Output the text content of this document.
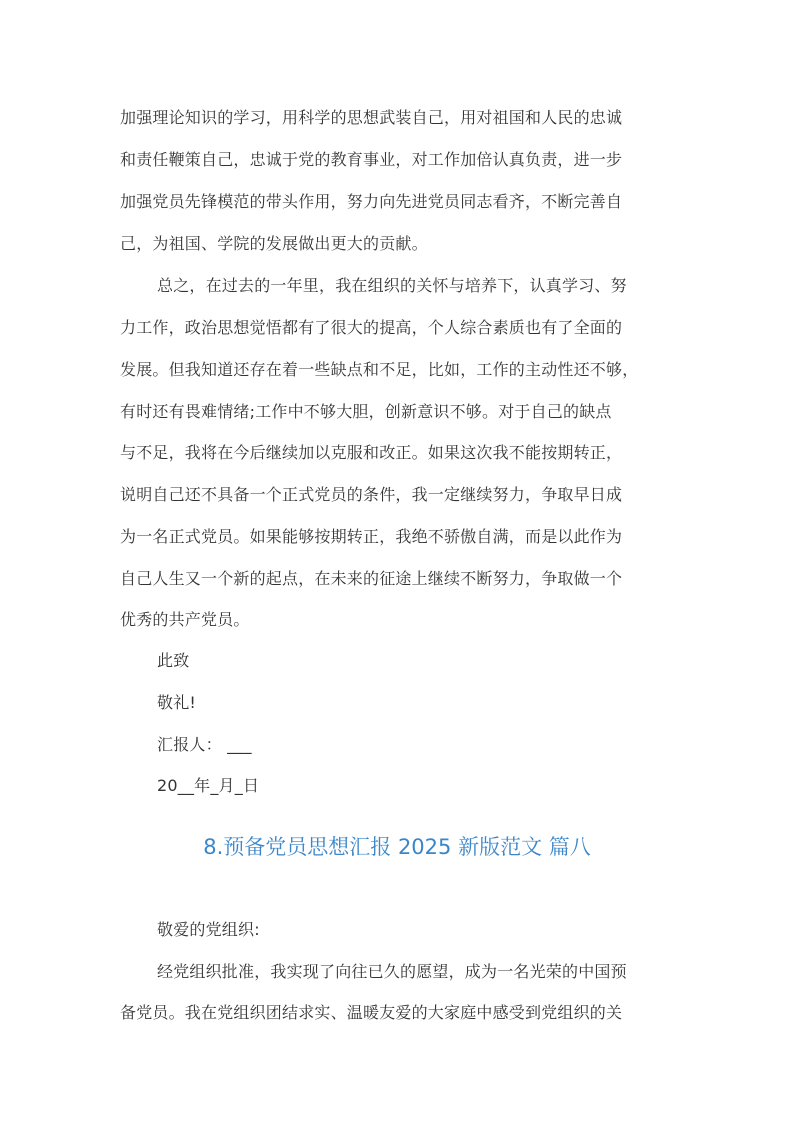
加强理论知识的学习，用科学的思想武装自己，用对祖国和人民的忠诚
和责任鞭策自己，忠诚于党的教育事业，对工作加倍认真负责，进一步
加强党员先锋模范的带头作用，努力向先进党员同志看齐，不断完善自
己，为祖国、学院的发展做出更大的贡献。
总之，在过去的一年里，我在组织的关怀与培养下，认真学习、努
力工作，政治思想觉悟都有了很大的提高，个人综合素质也有了全面的
发展。但我知道还存在着一些缺点和不足，比如，工作的主动性还不够，
有时还有畏难情绪;工作中不够大胆，创新意识不够。对于自己的缺点
与不足，我将在今后继续加以克服和改正。如果这次我不能按期转正，
说明自己还不具备一个正式党员的条件，我一定继续努力，争取早日成
为一名正式党员。如果能够按期转正，我绝不骄傲自满，而是以此作为
自己人生又一个新的起点，在未来的征途上继续不断努力，争取做一个
优秀的共产党员。
此致
敬礼!
汇报人： ___
20__年_月_日
8.预备党员思想汇报 2025 新版范文 篇八
敬爱的党组织:
经党组织批准，我实现了向往已久的愿望，成为一名光荣的中国预
备党员。我在党组织团结求实、温暖友爱的大家庭中感受到党组织的关
